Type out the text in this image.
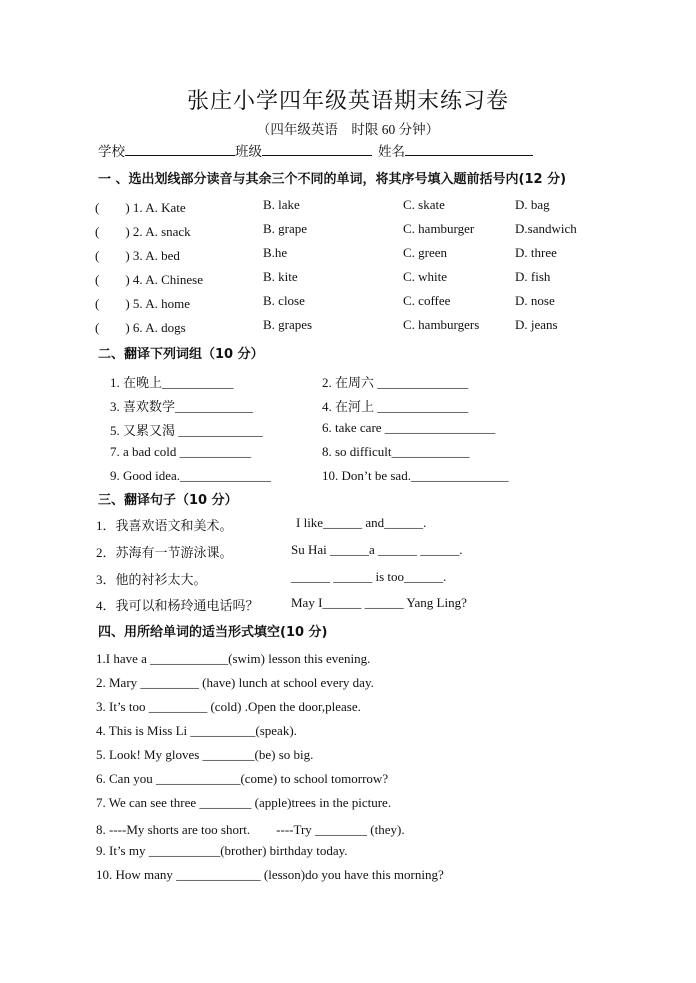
张庄小学四年级英语期末练习卷
（四年级英语　时限 60 分钟）
学校	班级	姓名
一 、选出划线部分读音与其余三个不同的单词，将其序号填入题前括号内(12 分)
(　　) 1. A. Kate	B. lake	C. skate	D. bag
(　　) 2. A. snack	B. grape	C. hamburger	D.sandwich
(　　) 3. A. bed	B.he	C. green	D. three
(　　) 4. A. Chinese	B. kite	C. white	D. fish
(　　) 5. A. home	B. close	C. coffee	D. nose
(　　) 6. A. dogs	B. grapes	C. hamburgers	D. jeans
二、翻译下列词组（10 分）
1. 在晚上___________	2. 在周六 ______________
3. 喜欢数学____________	4. 在河上 ______________
5. 又累又渴 _____________	6. take care _________________
7. a bad cold ___________	8. so difficult____________
9. Good idea.______________	10. Don’t be sad._______________
三、翻译句子（10 分）
1．我喜欢语文和美术。	I like______ and______.
2．苏海有一节游泳课。	Su Hai ______a ______ ______.
3．他的衬衫太大。	______ ______ is too______.
4．我可以和杨玲通电话吗？ May I______ ______ Yang Ling?
四、用所给单词的适当形式填空(10 分)
1.I have a ____________(swim) lesson this evening.
2. Mary _________ (have) lunch at school every day.
3. It’s too _________ (cold) .Open the door,please.
4. This is Miss Li __________(speak).
5. Look! My gloves ________(be) so big.
6. Can you _____________(come) to school tomorrow?
7. We can see three ________ (apple)trees in the picture.
8. ----My shorts are too short.　　----Try ________ (they).
9. It’s my ___________(brother) birthday today.
10. How many _____________ (lesson)do you have this morning?
